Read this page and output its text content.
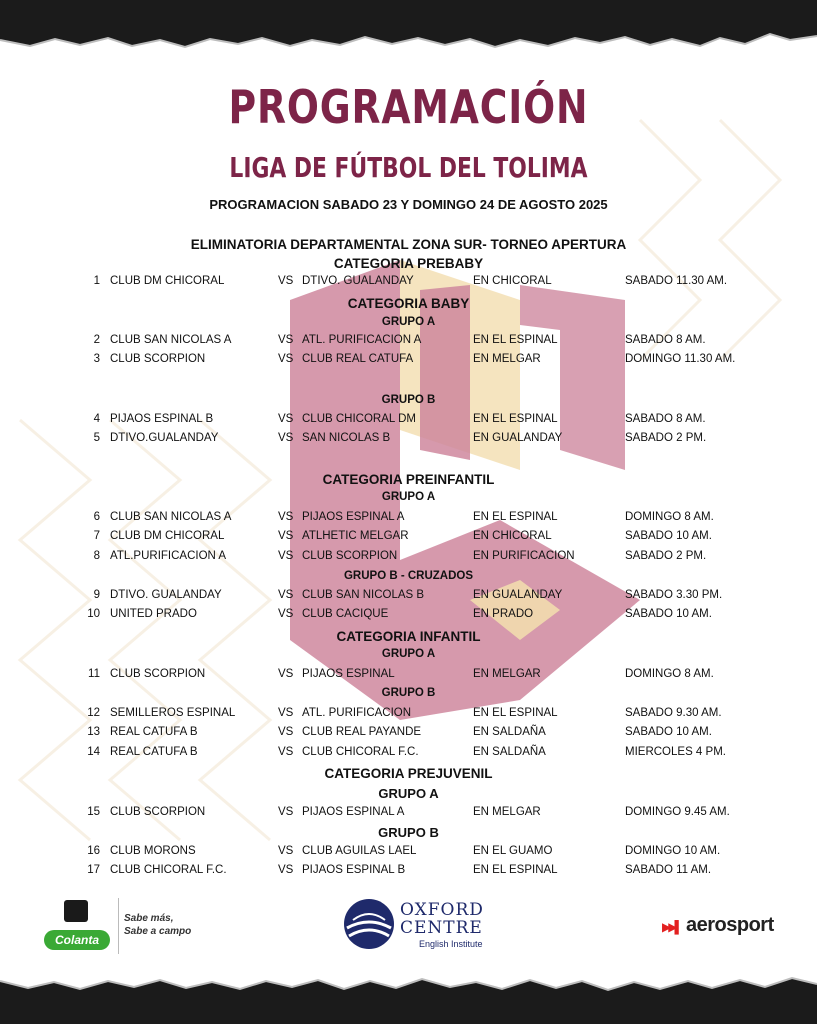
PROGRAMACIÓN
LIGA DE FÚTBOL DEL TOLIMA
PROGRAMACION SABADO 23 Y DOMINGO 24 DE AGOSTO 2025
ELIMINATORIA DEPARTAMENTAL ZONA SUR- TORNEO APERTURA
CATEGORIA PREBABY
CATEGORIA BABY
GRUPO A
GRUPO B
CATEGORIA PREINFANTIL
GRUPO A
GRUPO B - CRUZADOS
CATEGORIA INFANTIL
GRUPO A
GRUPO B
CATEGORIA PREJUVENIL
GRUPO A
GRUPO B
1 CLUB DM CHICORAL	VS DTIVO. GUALANDAY	EN CHICORAL	SABADO 11.30 AM.
2 CLUB SAN NICOLAS A	VS ATL. PURIFICACION A	EN EL ESPINAL	SABADO 8 AM.
3 CLUB SCORPION	VS CLUB REAL CATUFA	EN MELGAR	DOMINGO 11.30 AM.
4 PIJAOS ESPINAL B	VS CLUB CHICORAL DM	EN EL ESPINAL	SABADO 8 AM.
5 DTIVO.GUALANDAY	VS SAN NICOLAS B	EN GUALANDAY	SABADO 2 PM.
6 CLUB SAN NICOLAS A	VS PIJAOS ESPINAL A	EN EL ESPINAL	DOMINGO 8 AM.
7 CLUB DM CHICORAL	VS ATLHETIC MELGAR	EN CHICORAL	SABADO 10 AM.
8 ATL.PURIFICACION A	VS CLUB SCORPION	EN PURIFICACION	SABADO 2 PM.
9 DTIVO. GUALANDAY	VS CLUB SAN NICOLAS B	EN GUALANDAY	SABADO 3.30 PM.
10 UNITED PRADO	VS CLUB CACIQUE	EN PRADO	SABADO 10 AM.
11 CLUB SCORPION	VS PIJAOS ESPINAL	EN MELGAR	DOMINGO 8 AM.
12 SEMILLEROS ESPINAL	VS ATL. PURIFICACION	EN EL ESPINAL	SABADO 9.30 AM.
13 REAL CATUFA B	VS CLUB REAL PAYANDE	EN SALDAÑA	SABADO 10 AM.
14 REAL CATUFA B	VS CLUB CHICORAL F.C.	EN SALDAÑA	MIERCOLES 4 PM.
15 CLUB SCORPION	VS PIJAOS ESPINAL A	EN MELGAR	DOMINGO 9.45 AM.
16 CLUB MORONS	VS CLUB AGUILAS LAEL	EN EL GUAMO	DOMINGO 10 AM.
17 CLUB CHICORAL F.C.	VS PIJAOS ESPINAL B	EN EL ESPINAL	SABADO 11 AM.
Colanta
Sabe más,
Sabe a campo
OXFORD
CENTRE
English Institute
▶▶▌ aerosport
